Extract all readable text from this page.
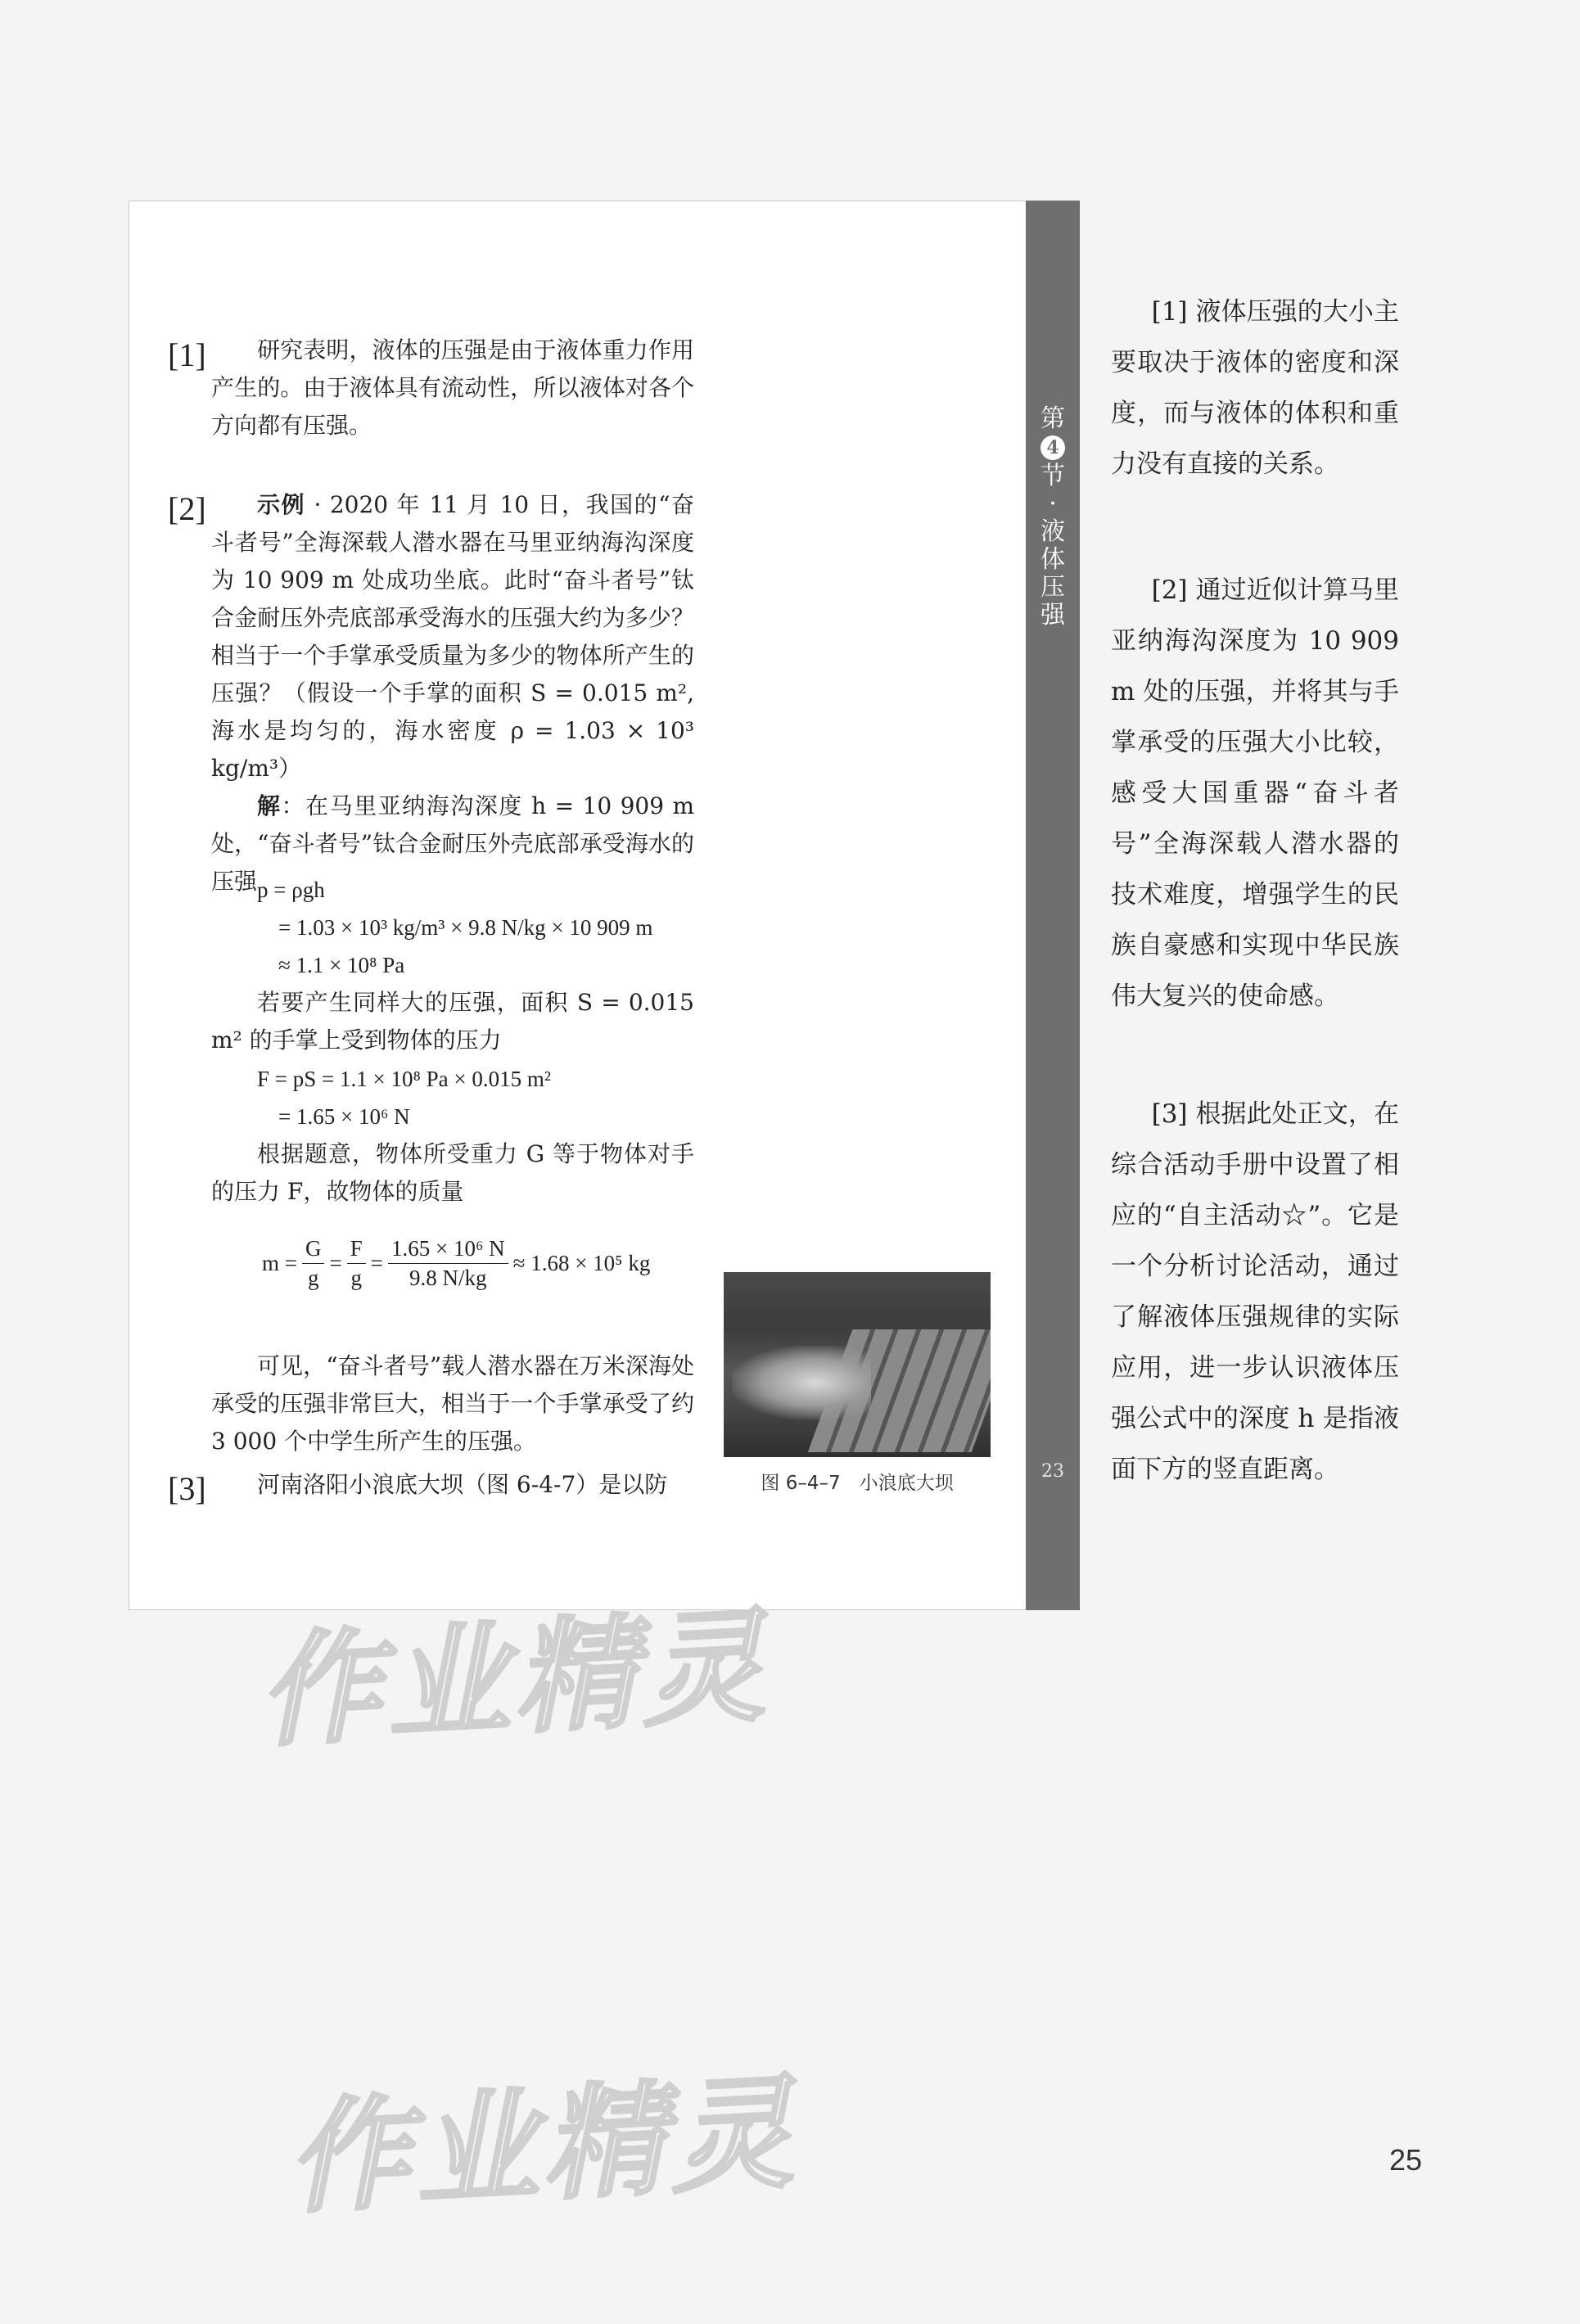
第
4
节
·
液
体
压
强
23
[1]
[2]
[3]

研究表明，液体的压强是由于液体重力作用产生的。由于液体具有流动性，所以液体对各个方向都有压强。

示例 · 2020 年 11 月 10 日，我国的“奋斗者号”全海深载人潜水器在马里亚纳海沟深度为 10 909 m 处成功坐底。此时“奋斗者号”钛合金耐压外壳底部承受海水的压强大约为多少？相当于一个手掌承受质量为多少的物体所产生的压强？（假设一个手掌的面积 S = 0.015 m², 海水是均匀的，海水密度 ρ = 1.03 × 10³ kg/m³）

解：在马里亚纳海沟深度 h = 10 909 m 处，“奋斗者号”钛合金耐压外壳底部承受海水的压强 p = ρgh
= 1.03 × 10³ kg/m³ × 9.8 N/kg × 10 909 m
≈ 1.1 × 10⁸ Pa

若要产生同样大的压强，面积 S = 0.015 m² 的手掌上受到物体的压力

F = pS = 1.1 × 10⁸ Pa × 0.015 m²
= 1.65 × 10⁶ N

根据题意，物体所受重力 G 等于物体对手的压力 F，故物体的质量

$m = \frac{G}{g} = \frac{F}{g} = \frac{\text{1.65 × 10⁶ N}}{9.8 N/kg} \approx 1.68 \times 10^5$ kg

可见，“奋斗者号”载人潜水器在万米深海处承受的压强非常巨大，相当于一个手掌承受了约 3 000 个中学生所产生的压强。

河南洛阳小浪底大坝（图 6-4-7）是以防	图 6–4–7　小浪底大坝

[1] 液体压强的大小主要取决于液体的密度和深度，而与液体的体积和重力没有直接的关系。

[2] 通过近似计算马里亚纳海沟深度为 10 909 m 处的压强，并将其与手掌承受的压强大小比较，感受大国重器“奋斗者号”全海深载人潜水器的技术难度，增强学生的民族自豪感和实现中华民族伟大复兴的使命感。

[3] 根据此处正文，在综合活动手册中设置了相应的“自主活动☆”。它是一个分析讨论活动，通过了解液体压强规律的实际应用，进一步认识液体压强公式中的深度 h 是指液面下方的竖直距离。

作业精灵
作业精灵	25
